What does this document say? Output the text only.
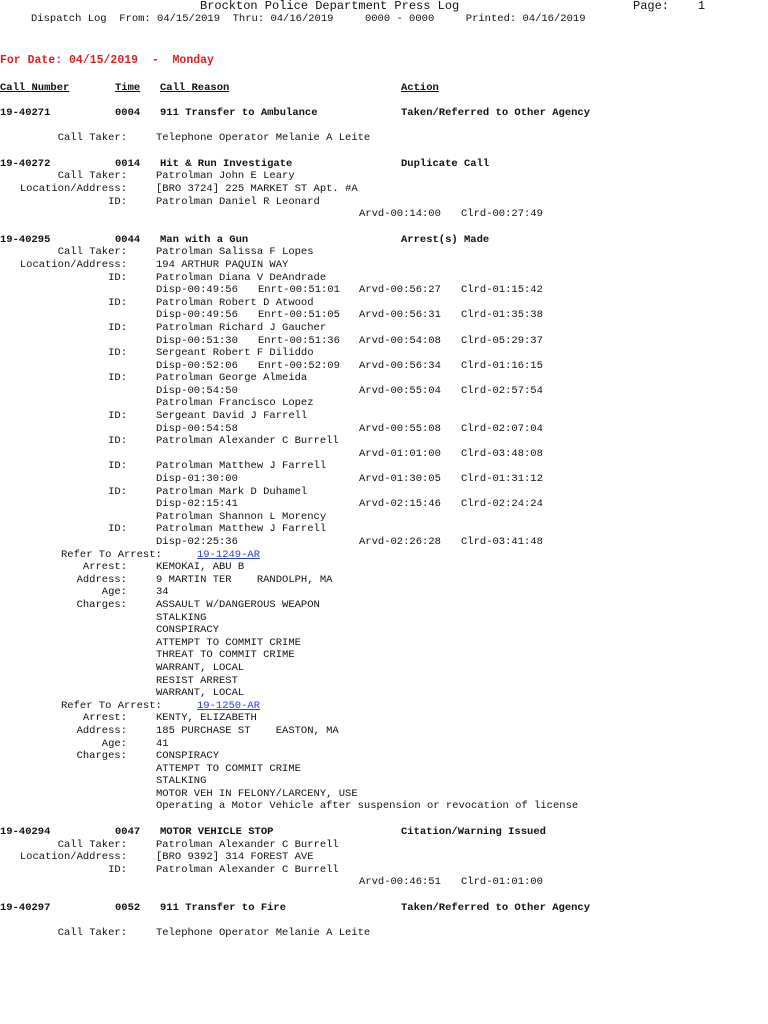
Brockton Police Department Press Log	Page: 1
Dispatch Log  From: 04/15/2019  Thru: 04/16/2019     0000 - 0000     Printed: 04/16/2019
For Date: 04/15/2019  -  Monday
Call Number	Time Call Reason	Action
19-40271	0004 911 Transfer to Ambulance	Taken/Referred to Other Agency
Call Taker:	Telephone Operator Melanie A Leite
19-40272	0014 Hit & Run Investigate	Duplicate Call
Call Taker:	Patrolman John E Leary
Location/Address:	[BRO 3724] 225 MARKET ST Apt. #A
ID:	Patrolman Daniel R Leonard
Arvd-00:14:00 Clrd-00:27:49
19-40295	0044 Man with a Gun	Arrest(s) Made
Call Taker:	Patrolman Salissa F Lopes
Location/Address:	194 ARTHUR PAQUIN WAY
ID:	Patrolman Diana V DeAndrade
Disp-00:49:56 Enrt-00:51:01 Arvd-00:56:27 Clrd-01:15:42
ID:	Patrolman Robert D Atwood
Disp-00:49:56 Enrt-00:51:05 Arvd-00:56:31 Clrd-01:35:38
ID:	Patrolman Richard J Gaucher
Disp-00:51:30 Enrt-00:51:36 Arvd-00:54:08 Clrd-05:29:37
ID:	Sergeant Robert F Diliddo
Disp-00:52:06 Enrt-00:52:09 Arvd-00:56:34 Clrd-01:16:15
ID:	Patrolman George Almeida
Disp-00:54:50	Arvd-00:55:04 Clrd-02:57:54
Patrolman Francisco Lopez
ID:	Sergeant David J Farrell
Disp-00:54:58	Arvd-00:55:08 Clrd-02:07:04
ID:	Patrolman Alexander C Burrell
Arvd-01:01:00 Clrd-03:48:08
ID:	Patrolman Matthew J Farrell
Disp-01:30:00	Arvd-01:30:05 Clrd-01:31:12
ID:	Patrolman Mark D Duhamel
Disp-02:15:41	Arvd-02:15:46 Clrd-02:24:24
Patrolman Shannon L Morency
ID:	Patrolman Matthew J Farrell
Disp-02:25:36	Arvd-02:26:28 Clrd-03:41:48
Refer To Arrest:	19-1249-AR
Arrest:	KEMOKAI, ABU B
Address:	9 MARTIN TER    RANDOLPH, MA
Age:	34
Charges:	ASSAULT W/DANGEROUS WEAPON
STALKING
CONSPIRACY
ATTEMPT TO COMMIT CRIME
THREAT TO COMMIT CRIME
WARRANT, LOCAL
RESIST ARREST
WARRANT, LOCAL
Refer To Arrest:	19-1250-AR
Arrest:	KENTY, ELIZABETH
Address:	185 PURCHASE ST    EASTON, MA
Age:	41
Charges:	CONSPIRACY
ATTEMPT TO COMMIT CRIME
STALKING
MOTOR VEH IN FELONY/LARCENY, USE
Operating a Motor Vehicle after suspension or revocation of license
19-40294	0047 MOTOR VEHICLE STOP	Citation/Warning Issued
Call Taker:	Patrolman Alexander C Burrell
Location/Address:	[BRO 9392] 314 FOREST AVE
ID:	Patrolman Alexander C Burrell
Arvd-00:46:51 Clrd-01:01:00
19-40297	0052 911 Transfer to Fire	Taken/Referred to Other Agency
Call Taker:	Telephone Operator Melanie A Leite
